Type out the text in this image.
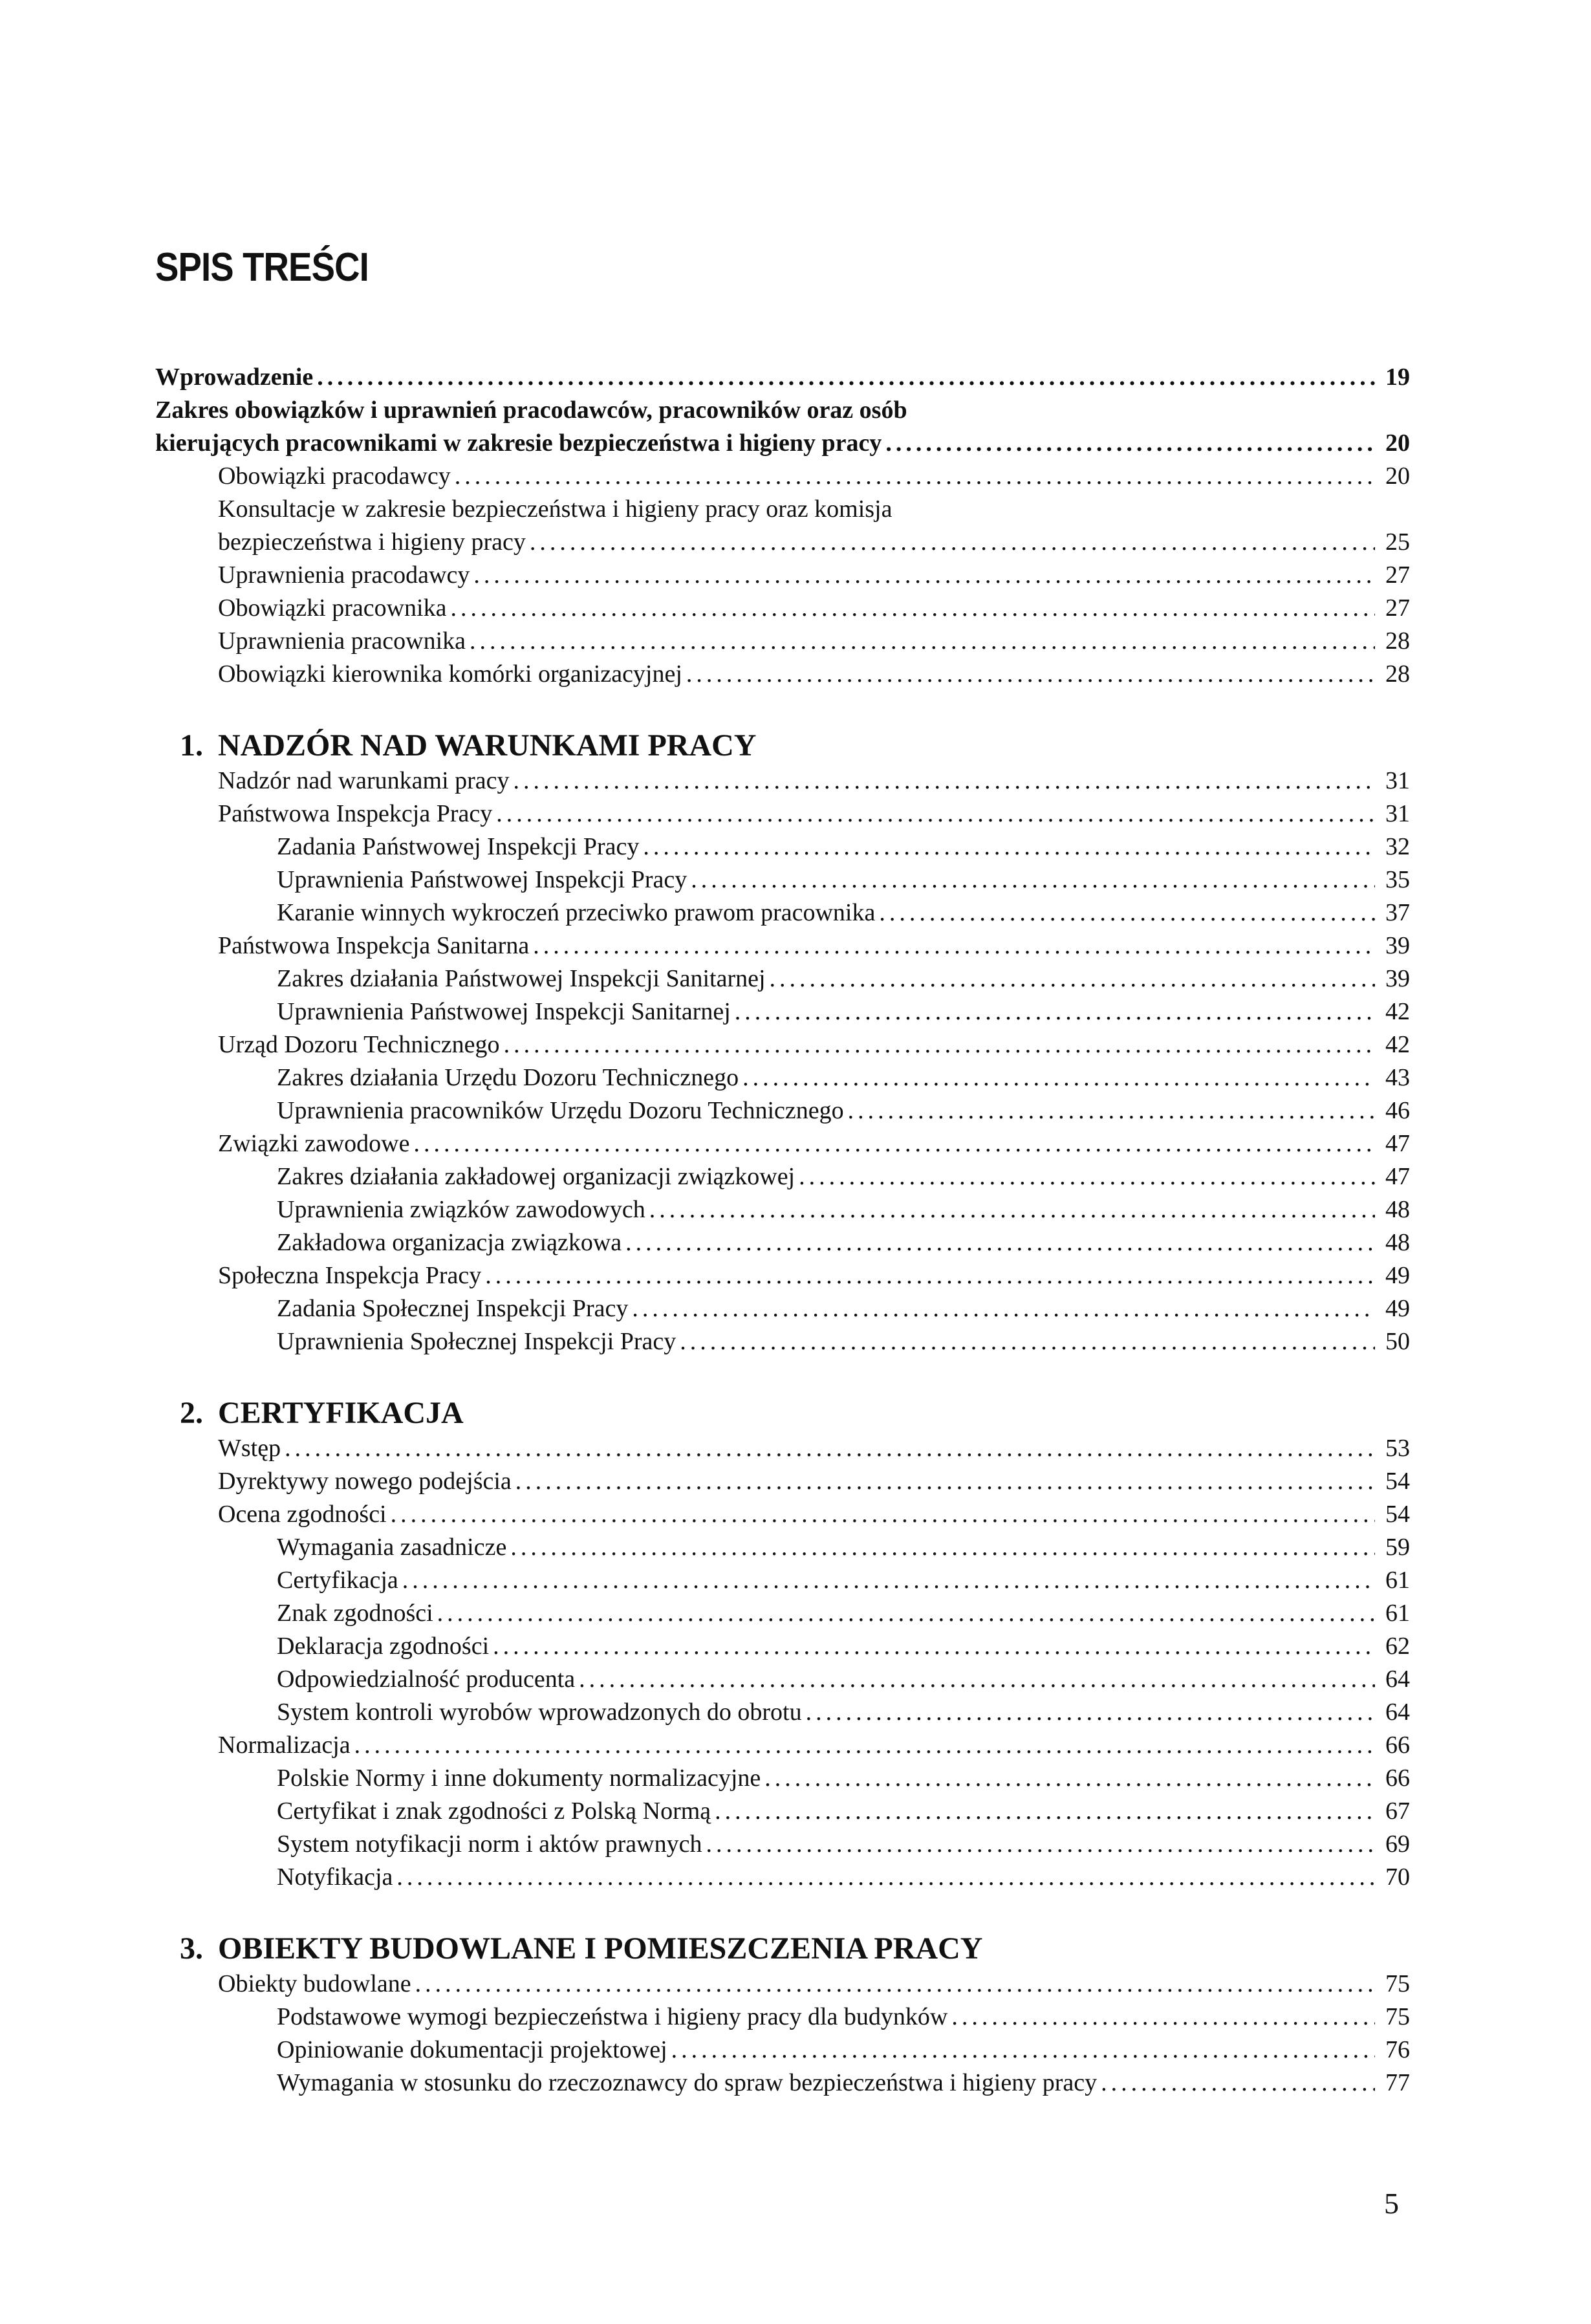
SPIS TREŚCI
Wprowadzenie .....	19
Zakres obowiązków i uprawnień pracodawców, pracowników oraz osób
kierujących pracownikami w zakresie bezpieczeństwa i higieny pracy .....	20
Obowiązki pracodawcy .....	20
Konsultacje w zakresie bezpieczeństwa i higieny pracy oraz komisja
bezpieczeństwa i higieny pracy .....	25
Uprawnienia pracodawcy .....	27
Obowiązki pracownika .....	27
Uprawnienia pracownika .....	28
Obowiązki kierownika komórki organizacyjnej .....	28
1. NADZÓR NAD WARUNKAMI PRACY
Nadzór nad warunkami pracy .....	31
Państwowa Inspekcja Pracy .....	31
Zadania Państwowej Inspekcji Pracy .....	32
Uprawnienia Państwowej Inspekcji Pracy .....	35
Karanie winnych wykroczeń przeciwko prawom pracownika .....	37
Państwowa Inspekcja Sanitarna .....	39
Zakres działania Państwowej Inspekcji Sanitarnej .....	39
Uprawnienia Państwowej Inspekcji Sanitarnej .....	42
Urząd Dozoru Technicznego .....	42
Zakres działania Urzędu Dozoru Technicznego .....	43
Uprawnienia pracowników Urzędu Dozoru Technicznego .....	46
Związki zawodowe .....	47
Zakres działania zakładowej organizacji związkowej .....	47
Uprawnienia związków zawodowych .....	48
Zakładowa organizacja związkowa .....	48
Społeczna Inspekcja Pracy .....	49
Zadania Społecznej Inspekcji Pracy .....	49
Uprawnienia Społecznej Inspekcji Pracy .....	50
2. CERTYFIKACJA
Wstęp .....	53
Dyrektywy nowego podejścia .....	54
Ocena zgodności .....	54
Wymagania zasadnicze .....	59
Certyfikacja .....	61
Znak zgodności .....	61
Deklaracja zgodności .....	62
Odpowiedzialność producenta .....	64
System kontroli wyrobów wprowadzonych do obrotu .....	64
Normalizacja .....	66
Polskie Normy i inne dokumenty normalizacyjne .....	66
Certyfikat i znak zgodności z Polską Normą .....	67
System notyfikacji norm i aktów prawnych .....	69
Notyfikacja .....	70
3. OBIEKTY BUDOWLANE I POMIESZCZENIA PRACY
Obiekty budowlane .....	75
Podstawowe wymogi bezpieczeństwa i higieny pracy dla budynków .....	75
Opiniowanie dokumentacji projektowej .....	76
Wymagania w stosunku do rzeczoznawcy do spraw bezpieczeństwa i higieny pracy .....	77
5
